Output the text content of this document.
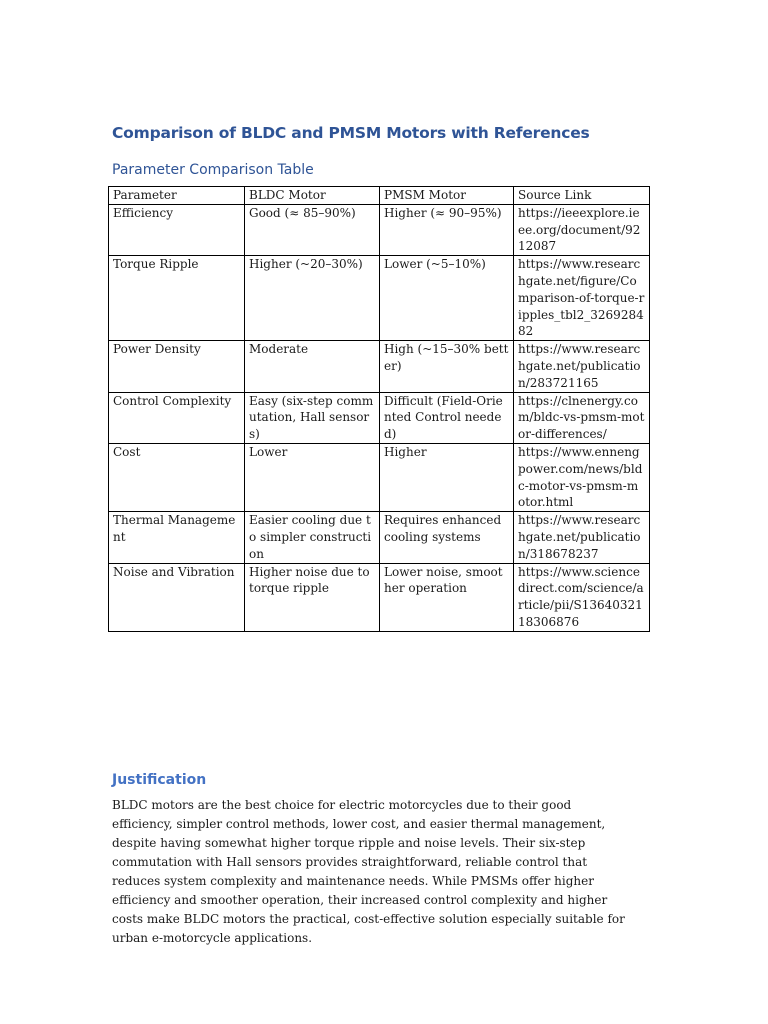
Comparison of BLDC and PMSM Motors with References
Parameter Comparison Table
Parameter	BLDC Motor	PMSM Motor	Source Link
Efficiency	Good (≈ 85–90%)	Higher (≈ 90–95%)	https://ieeexplore.ieee.org/document/9212087
Torque Ripple	Higher (~20–30%)	Lower (~5–10%)	https://www.researchgate.net/figure/Comparison-of-torque-ripples_tbl2_326928482
Power Density	Moderate	High (~15–30% better)	https://www.researchgate.net/publication/283721165
Control Complexity	Easy (six-step commutation, Hall sensors)	Difficult (Field-Oriented Control needed)	https://clnenergy.com/bldc-vs-pmsm-motor-differences/
Cost	Lower	Higher	https://www.ennengpower.com/news/bldc-motor-vs-pmsm-motor.html
Thermal Management	Easier cooling due to simpler construction	Requires enhanced cooling systems	https://www.researchgate.net/publication/318678237
Noise and Vibration	Higher noise due to torque ripple	Lower noise, smoother operation	https://www.sciencedirect.com/science/article/pii/S1364032118306876
Justification

BLDC motors are the best choice for electric motorcycles due to their good efficiency, simpler control methods, lower cost, and easier thermal management, despite having somewhat higher torque ripple and noise levels. Their six-step commutation with Hall sensors provides straightforward, reliable control that reduces system complexity and maintenance needs. While PMSMs offer higher efficiency and smoother operation, their increased control complexity and higher costs make BLDC motors the practical, cost-effective solution especially suitable for urban e-motorcycle applications.
